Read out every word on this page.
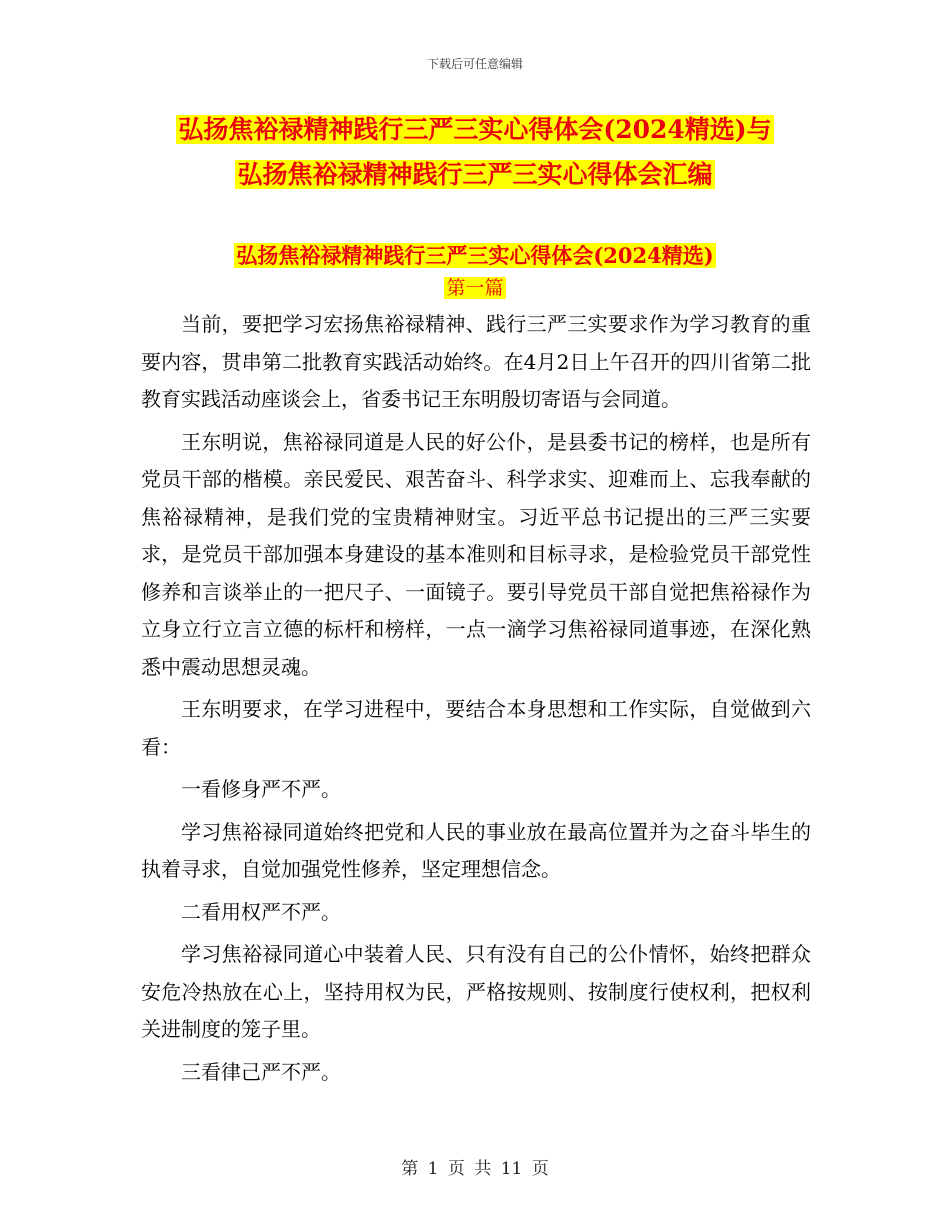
下载后可任意编辑
弘扬焦裕禄精神践行三严三实心得体会(2024精选)与
弘扬焦裕禄精神践行三严三实心得体会汇编
弘扬焦裕禄精神践行三严三实心得体会(2024精选)
第一篇

当前，要把学习宏扬焦裕禄精神、践行三严三实要求作为学习教育的重要内容，贯串第二批教育实践活动始终。在4月2日上午召开的四川省第二批教育实践活动座谈会上，省委书记王东明殷切寄语与会同道。

王东明说，焦裕禄同道是人民的好公仆，是县委书记的榜样，也是所有党员干部的楷模。亲民爱民、艰苦奋斗、科学求实、迎难而上、忘我奉献的焦裕禄精神，是我们党的宝贵精神财宝。习近平总书记提出的三严三实要求，是党员干部加强本身建设的基本准则和目标寻求，是检验党员干部党性修养和言谈举止的一把尺子、一面镜子。要引导党员干部自觉把焦裕禄作为立身立行立言立德的标杆和榜样，一点一滴学习焦裕禄同道事迹，在深化熟悉中震动思想灵魂。

王东明要求，在学习进程中，要结合本身思想和工作实际，自觉做到六看：

一看修身严不严。

学习焦裕禄同道始终把党和人民的事业放在最高位置并为之奋斗毕生的执着寻求，自觉加强党性修养，坚定理想信念。

二看用权严不严。

学习焦裕禄同道心中装着人民、只有没有自己的公仆情怀，始终把群众安危冷热放在心上，坚持用权为民，严格按规则、按制度行使权利，把权利关进制度的笼子里。

三看律己严不严。

第 1 页 共 11 页
